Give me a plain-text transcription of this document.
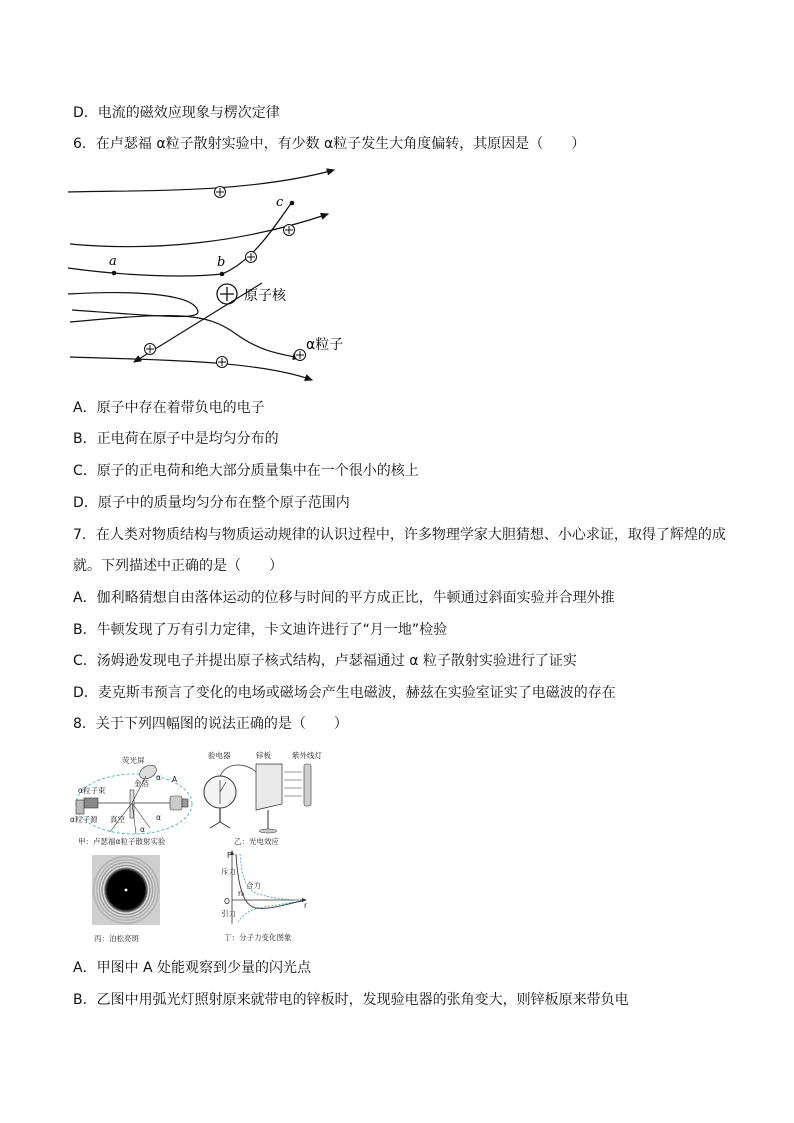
D．电流的磁效应现象与楞次定律
6．在卢瑟福 α粒子散射实验中，有少数 α粒子发生大角度偏转，其原因是（　　）
a	b
c
原子核
α粒子
A．原子中存在着带负电的电子
B．正电荷在原子中是均匀分布的
C．原子的正电荷和绝大部分质量集中在一个很小的核上
D．原子中的质量均匀分布在整个原子范围内
7．在人类对物质结构与物质运动规律的认识过程中，许多物理学家大胆猜想、小心求证，取得了辉煌的成
就。下列描述中正确的是（　　）
A．伽利略猜想自由落体运动的位移与时间的平方成正比，牛顿通过斜面实验并合理外推
B．牛顿发现了万有引力定律，卡文迪许进行了“月一地”检验
C．汤姆逊发现电子并提出原子核式结构，卢瑟福通过 α 粒子散射实验进行了证实
D．麦克斯韦预言了变化的电场或磁场会产生电磁波，赫兹在实验室证实了电磁波的存在
8．关于下列四幅图的说法正确的是（　　）
荧光屏
金箔
α粒子束
α粒子源 真空
α
α
α A
甲：卢瑟福α粒子散射实验
验电器	锌板	紫外线灯
乙：光电效应
丙：泊松亮斑
F
斥力
合力
O
引力
r₀
r
丁：分子力变化图象
A．甲图中 A 处能观察到少量的闪光点
B．乙图中用弧光灯照射原来就带电的锌板时，发现验电器的张角变大，则锌板原来带负电
